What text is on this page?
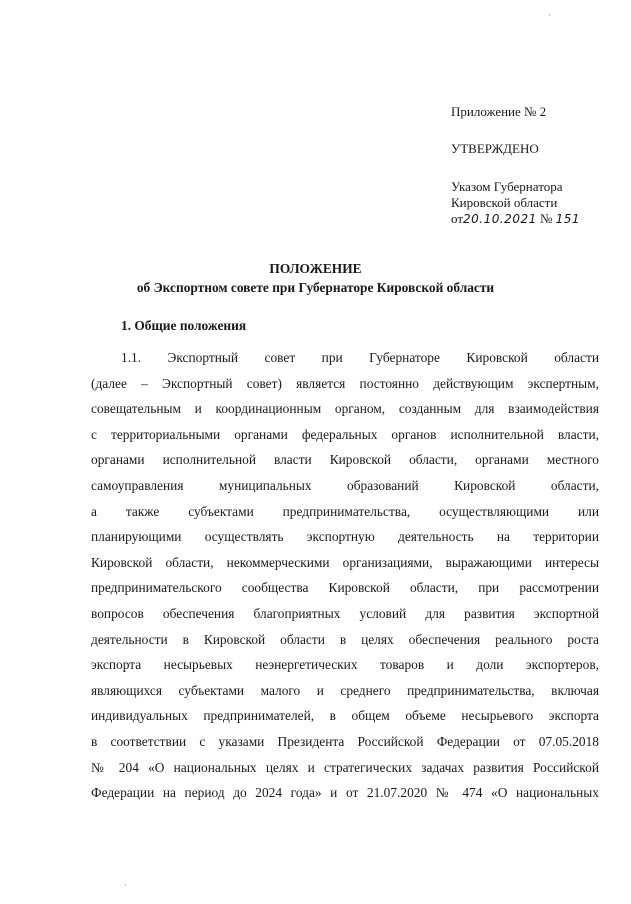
Приложение № 2
УТВЕРЖДЕНО
Указом Губернатора
Кировской области
от20.10.2021 № 151
ПОЛОЖЕНИЕ
об Экспортном совете при Губернаторе Кировской области
1. Общие положения
1.1. Экспортный совет при Губернаторе Кировской области
(далее – Экспортный совет) является постоянно действующим экспертным,
совещательным и координационным органом, созданным для взаимодействия
с территориальными органами федеральных органов исполнительной власти,
органами исполнительной власти Кировской области, органами местного
самоуправления муниципальных образований Кировской области,
а также субъектами предпринимательства, осуществляющими или
планирующими осуществлять экспортную деятельность на территории
Кировской области, некоммерческими организациями, выражающими интересы
предпринимательского сообщества Кировской области, при рассмотрении
вопросов обеспечения благоприятных условий для развития экспортной
деятельности в Кировской области в целях обеспечения реального роста
экспорта несырьевых неэнергетических товаров и доли экспортеров,
являющихся субъектами малого и среднего предпринимательства, включая
индивидуальных предпринимателей, в общем объеме несырьевого экспорта
в соответствии с указами Президента Российской Федерации от 07.05.2018
№ 204 «О национальных целях и стратегических задачах развития Российской
Федерации на период до 2024 года» и от 21.07.2020 № 474 «О национальных
·
·
